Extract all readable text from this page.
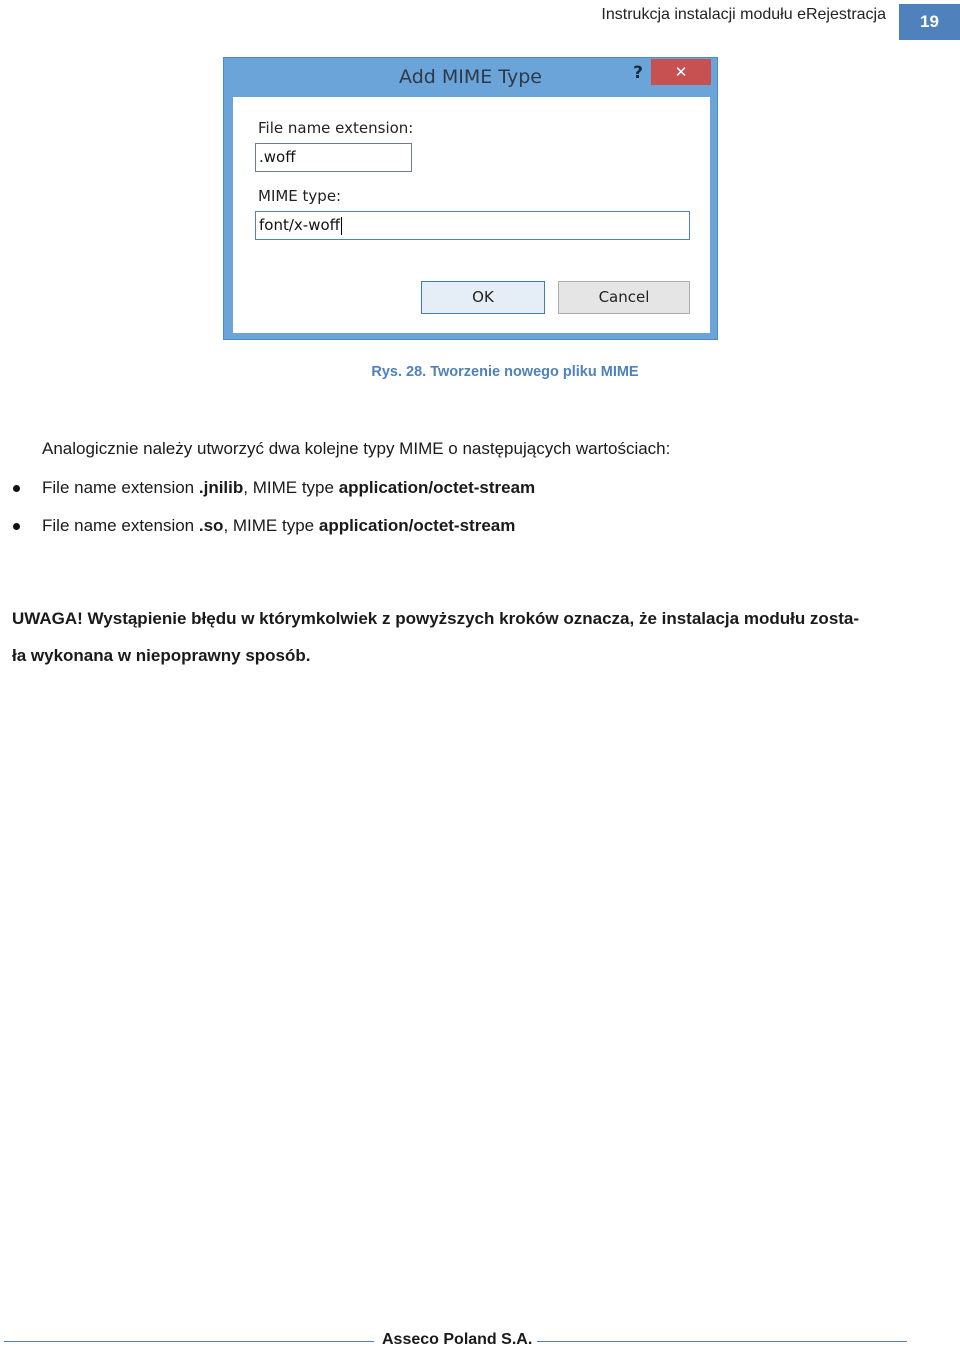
Instrukcja instalacji modułu eRejestracja	19
Add MIME Type	?	✕
File name extension:
.woff
MIME type:
font/x-woff
OK	Cancel
Rys. 28. Tworzenie nowego pliku MIME
Analogicznie należy utworzyć dwa kolejne typy MIME o następujących wartościach:
File name extension .jnilib, MIME type application/octet-stream
File name extension .so, MIME type application/octet-stream
UWAGA! Wystąpienie błędu w którymkolwiek z powyższych kroków oznacza, że instalacja modułu zosta-
ła wykonana w niepoprawny sposób.
Asseco Poland S.A.
